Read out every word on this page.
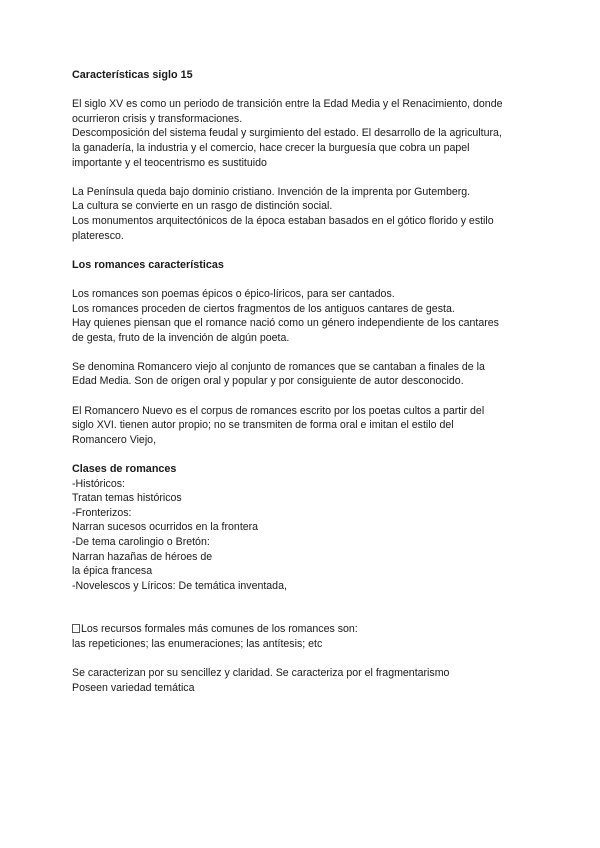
Características siglo 15

El siglo XV es como un periodo de transición entre la Edad Media y el Renacimiento, donde
ocurrieron crisis y transformaciones.
Descomposición del sistema feudal y surgimiento del estado. El desarrollo de la agricultura,
la ganadería, la industria y el comercio, hace crecer la burguesía que cobra un papel
importante y el teocentrismo es sustituido

La Península queda bajo dominio cristiano. Invención de la imprenta por Gutemberg.
La cultura se convierte en un rasgo de distinción social.
Los monumentos arquitectónicos de la época estaban basados en el gótico florido y estilo
plateresco.

Los romances características

Los romances son poemas épicos o épico-líricos, para ser cantados.
Los romances proceden de ciertos fragmentos de los antiguos cantares de gesta.
Hay quienes piensan que el romance nació como un género independiente de los cantares
de gesta, fruto de la invención de algún poeta.

Se denomina Romancero viejo al conjunto de romances que se cantaban a finales de la
Edad Media. Son de origen oral y popular y por consiguiente de autor desconocido.

El Romancero Nuevo es el corpus de romances escrito por los poetas cultos a partir del
siglo XVI. tienen autor propio; no se transmiten de forma oral e imitan el estilo del
Romancero Viejo,

Clases de romances

-Históricos:
Tratan temas históricos
-Fronterizos:
Narran sucesos ocurridos en la frontera
-De tema carolingio o Bretón:
Narran hazañas de héroes de
la épica francesa
-Novelescos y Líricos: De temática inventada,

Los recursos formales más comunes de los romances son:
las repeticiones; las enumeraciones; las antítesis; etc

Se caracterizan por su sencillez y claridad. Se caracteriza por el fragmentarismo
Poseen variedad temática
